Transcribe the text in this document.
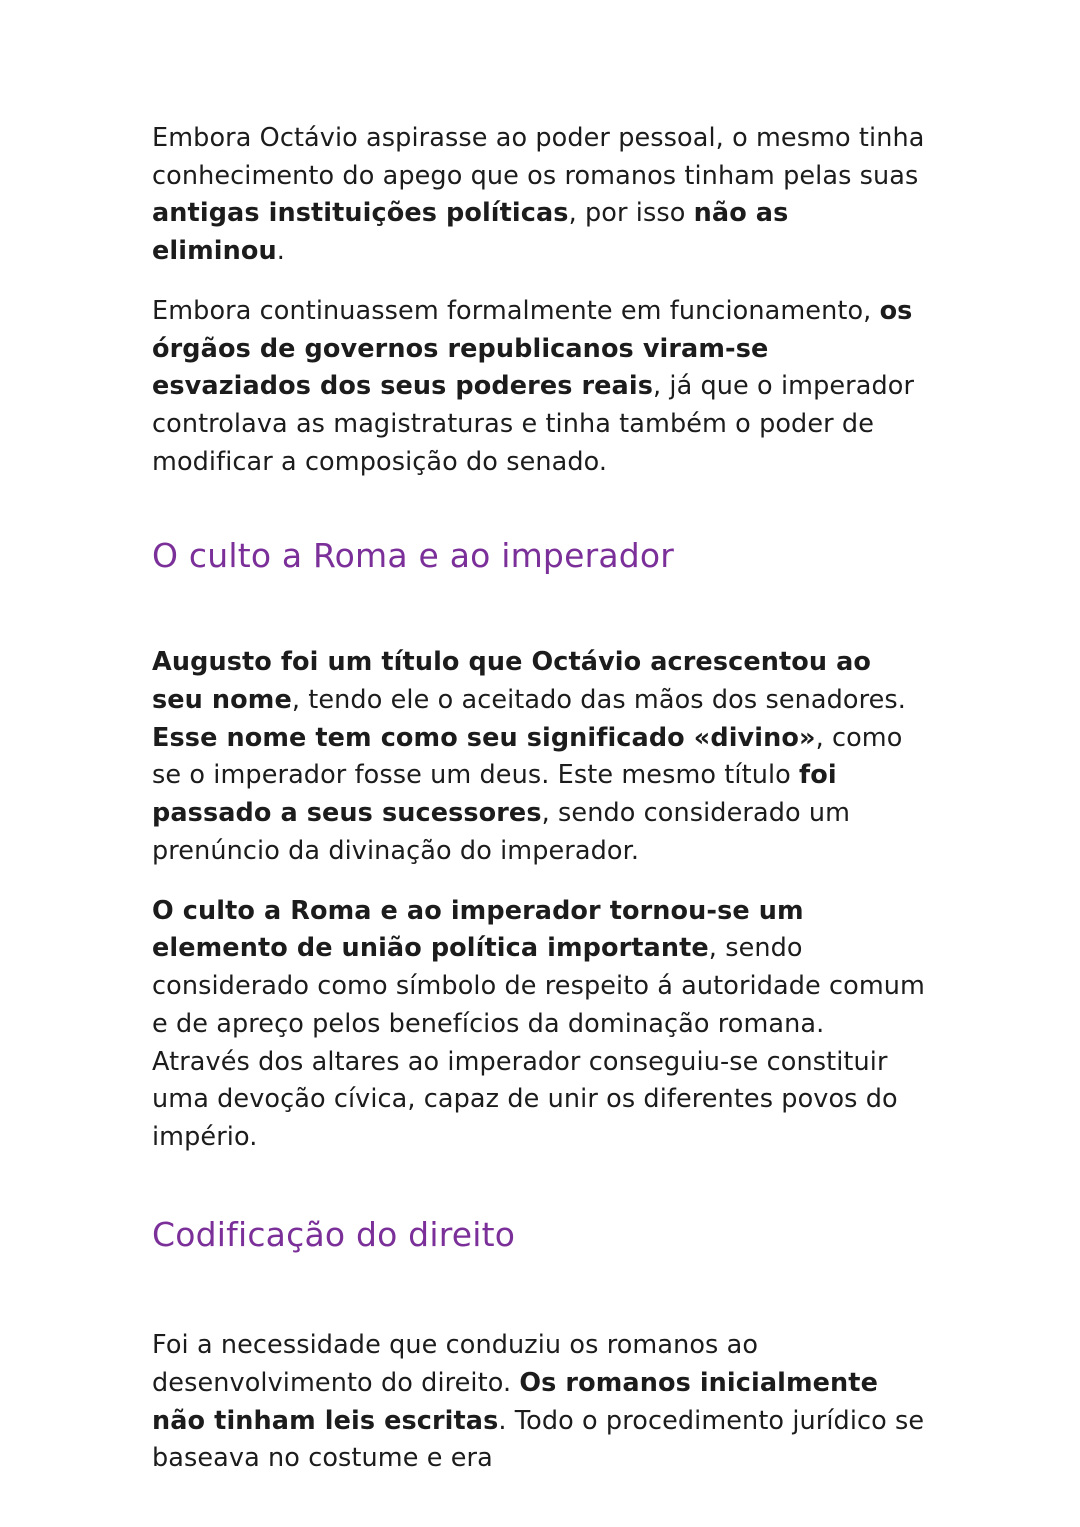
Embora Octávio aspirasse ao poder pessoal, o mesmo tinha conhecimento do apego que os romanos tinham pelas suas antigas instituições políticas, por isso não as eliminou.

Embora continuassem formalmente em funcionamento, os órgãos de governos republicanos viram-se esvaziados dos seus poderes reais, já que o imperador controlava as magistraturas e tinha também o poder de modificar a composição do senado.

O culto a Roma e ao imperador

Augusto foi um título que Octávio acrescentou ao seu nome, tendo ele o aceitado das mãos dos senadores. Esse nome tem como seu significado «divino», como se o imperador fosse um deus. Este mesmo título foi passado a seus sucessores, sendo considerado um prenúncio da divinação do imperador.

O culto a Roma e ao imperador tornou-se um elemento de união política importante, sendo considerado como símbolo de respeito á autoridade comum e de apreço pelos benefícios da dominação romana. Através dos altares ao imperador conseguiu-se constituir uma devoção cívica, capaz de unir os diferentes povos do império.

Codificação do direito

Foi a necessidade que conduziu os romanos ao desenvolvimento do direito. Os romanos inicialmente não tinham leis escritas. Todo o procedimento jurídico se baseava no costume e era
